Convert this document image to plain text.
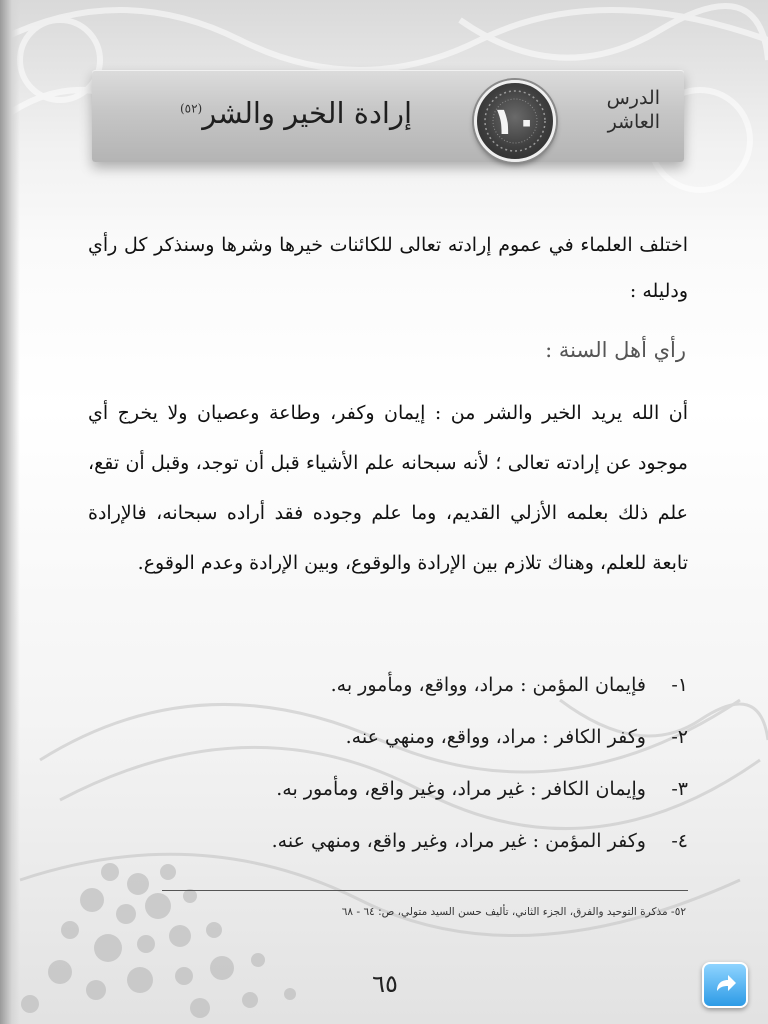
الدرس
العاشر
١٠
إرادة الخير والشر$^{(٥٢)}$

اختلف العلماء في عموم إرادته تعالى للكائنات خيرها وشرها وسنذكر كل رأي ودليله :

رأي أهل السنة :

أن الله يريد الخير والشر من : إيمان وكفر، وطاعة وعصيان ولا يخرج أي موجود عن إرادته تعالى ؛ لأنه سبحانه علم الأشياء قبل أن توجد، وقبل أن تقع، علم ذلك بعلمه الأزلي القديم، وما علم وجوده فقد أراده سبحانه، فالإرادة تابعة للعلم، وهناك تلازم بين الإرادة والوقوع، وبين الإرادة وعدم الوقوع.

١- فإيمان المؤمن : مراد، وواقع، ومأمور به.
٢- وكفر الكافر : مراد، وواقع، ومنهي عنه.
٣- وإيمان الكافر : غير مراد، وغير واقع، ومأمور به.
٤- وكفر المؤمن : غير مراد، وغير واقع، ومنهي عنه.
٥٢- مذكرة التوحيد والفرق، الجزء الثاني، تأليف حسن السيد متولي، ص: ٦٤ - ٦٨
٦٥
